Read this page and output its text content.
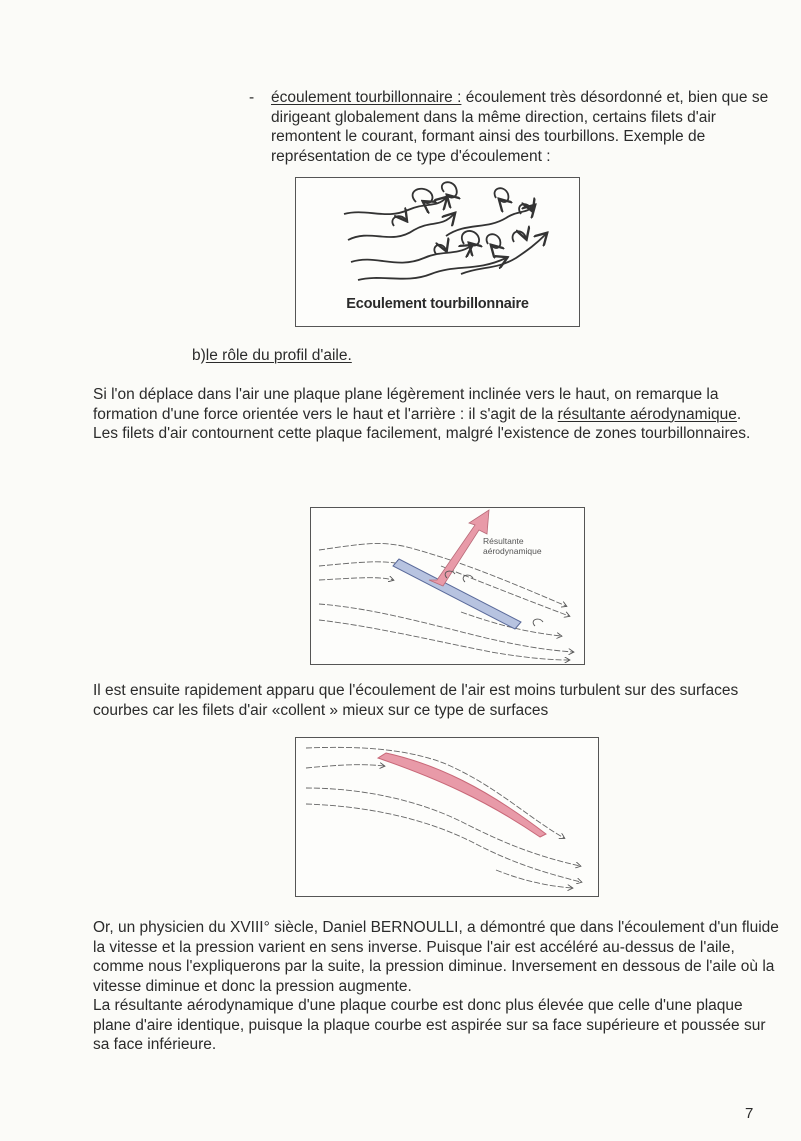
- écoulement tourbillonnaire : écoulement très désordonné et, bien que se dirigeant globalement dans la même direction, certains filets d'air remontent le courant, formant ainsi des tourbillons. Exemple de représentation de ce type d'écoulement :

Ecoulement tourbillonnaire

b)le rôle du profil d'aile.

Si l'on déplace dans l'air une plaque plane légèrement inclinée vers le haut, on remarque la formation d'une force orientée vers le haut et l'arrière : il s'agit de la résultante aérodynamique.

Les filets d'air contournent cette plaque facilement, malgré l'existence de zones tourbillonnaires.

Résultante
aérodynamique

Il est ensuite rapidement apparu que l'écoulement de l'air est moins turbulent sur des surfaces courbes car les filets d'air «collent » mieux sur ce type de surfaces

Or, un physicien du XVIII° siècle, Daniel BERNOULLI, a démontré que dans l'écoulement d'un fluide la vitesse et la pression varient en sens inverse. Puisque l'air est accéléré au-dessus de l'aile, comme nous l'expliquerons par la suite, la pression diminue. Inversement en dessous de l'aile où la vitesse diminue et donc la pression augmente.

La résultante aérodynamique d'une plaque courbe est donc plus élevée que celle d'une plaque plane d'aire identique, puisque la plaque courbe est aspirée sur sa face supérieure et poussée sur sa face inférieure.

7
